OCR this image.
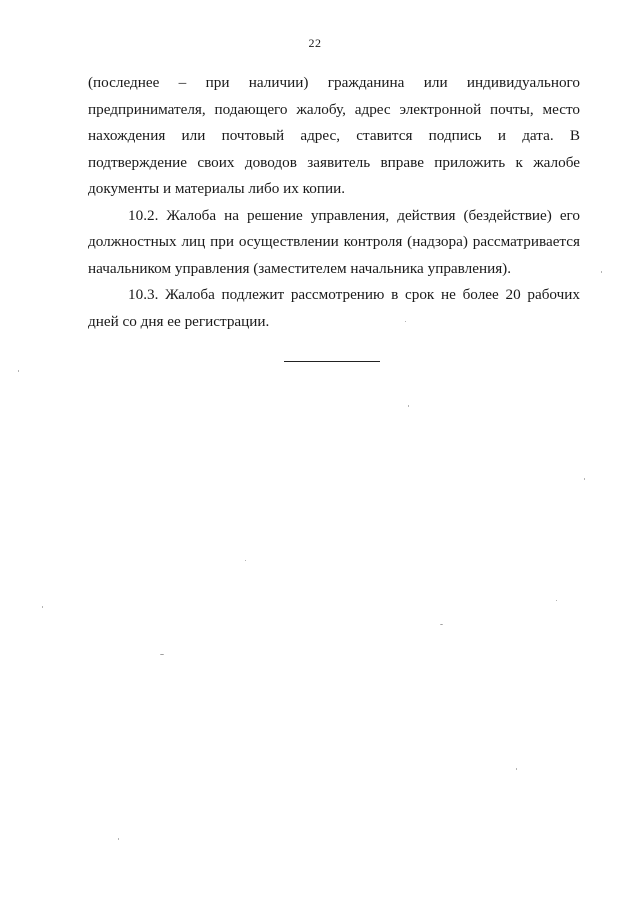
22

(последнее – при наличии) гражданина или индивидуального предпринимателя, подающего жалобу, адрес электронной почты, место нахождения или почтовый адрес, ставится подпись и дата. В подтверждение своих доводов заявитель вправе приложить к жалобе документы и материалы либо их копии.

10.2. Жалоба на решение управления, действия (бездействие) его должностных лиц при осуществлении контроля (надзора) рассматривается начальником управления (заместителем начальника управления).

10.3. Жалоба подлежит рассмотрению в срок не более 20 рабочих дней со дня ее регистрации.
